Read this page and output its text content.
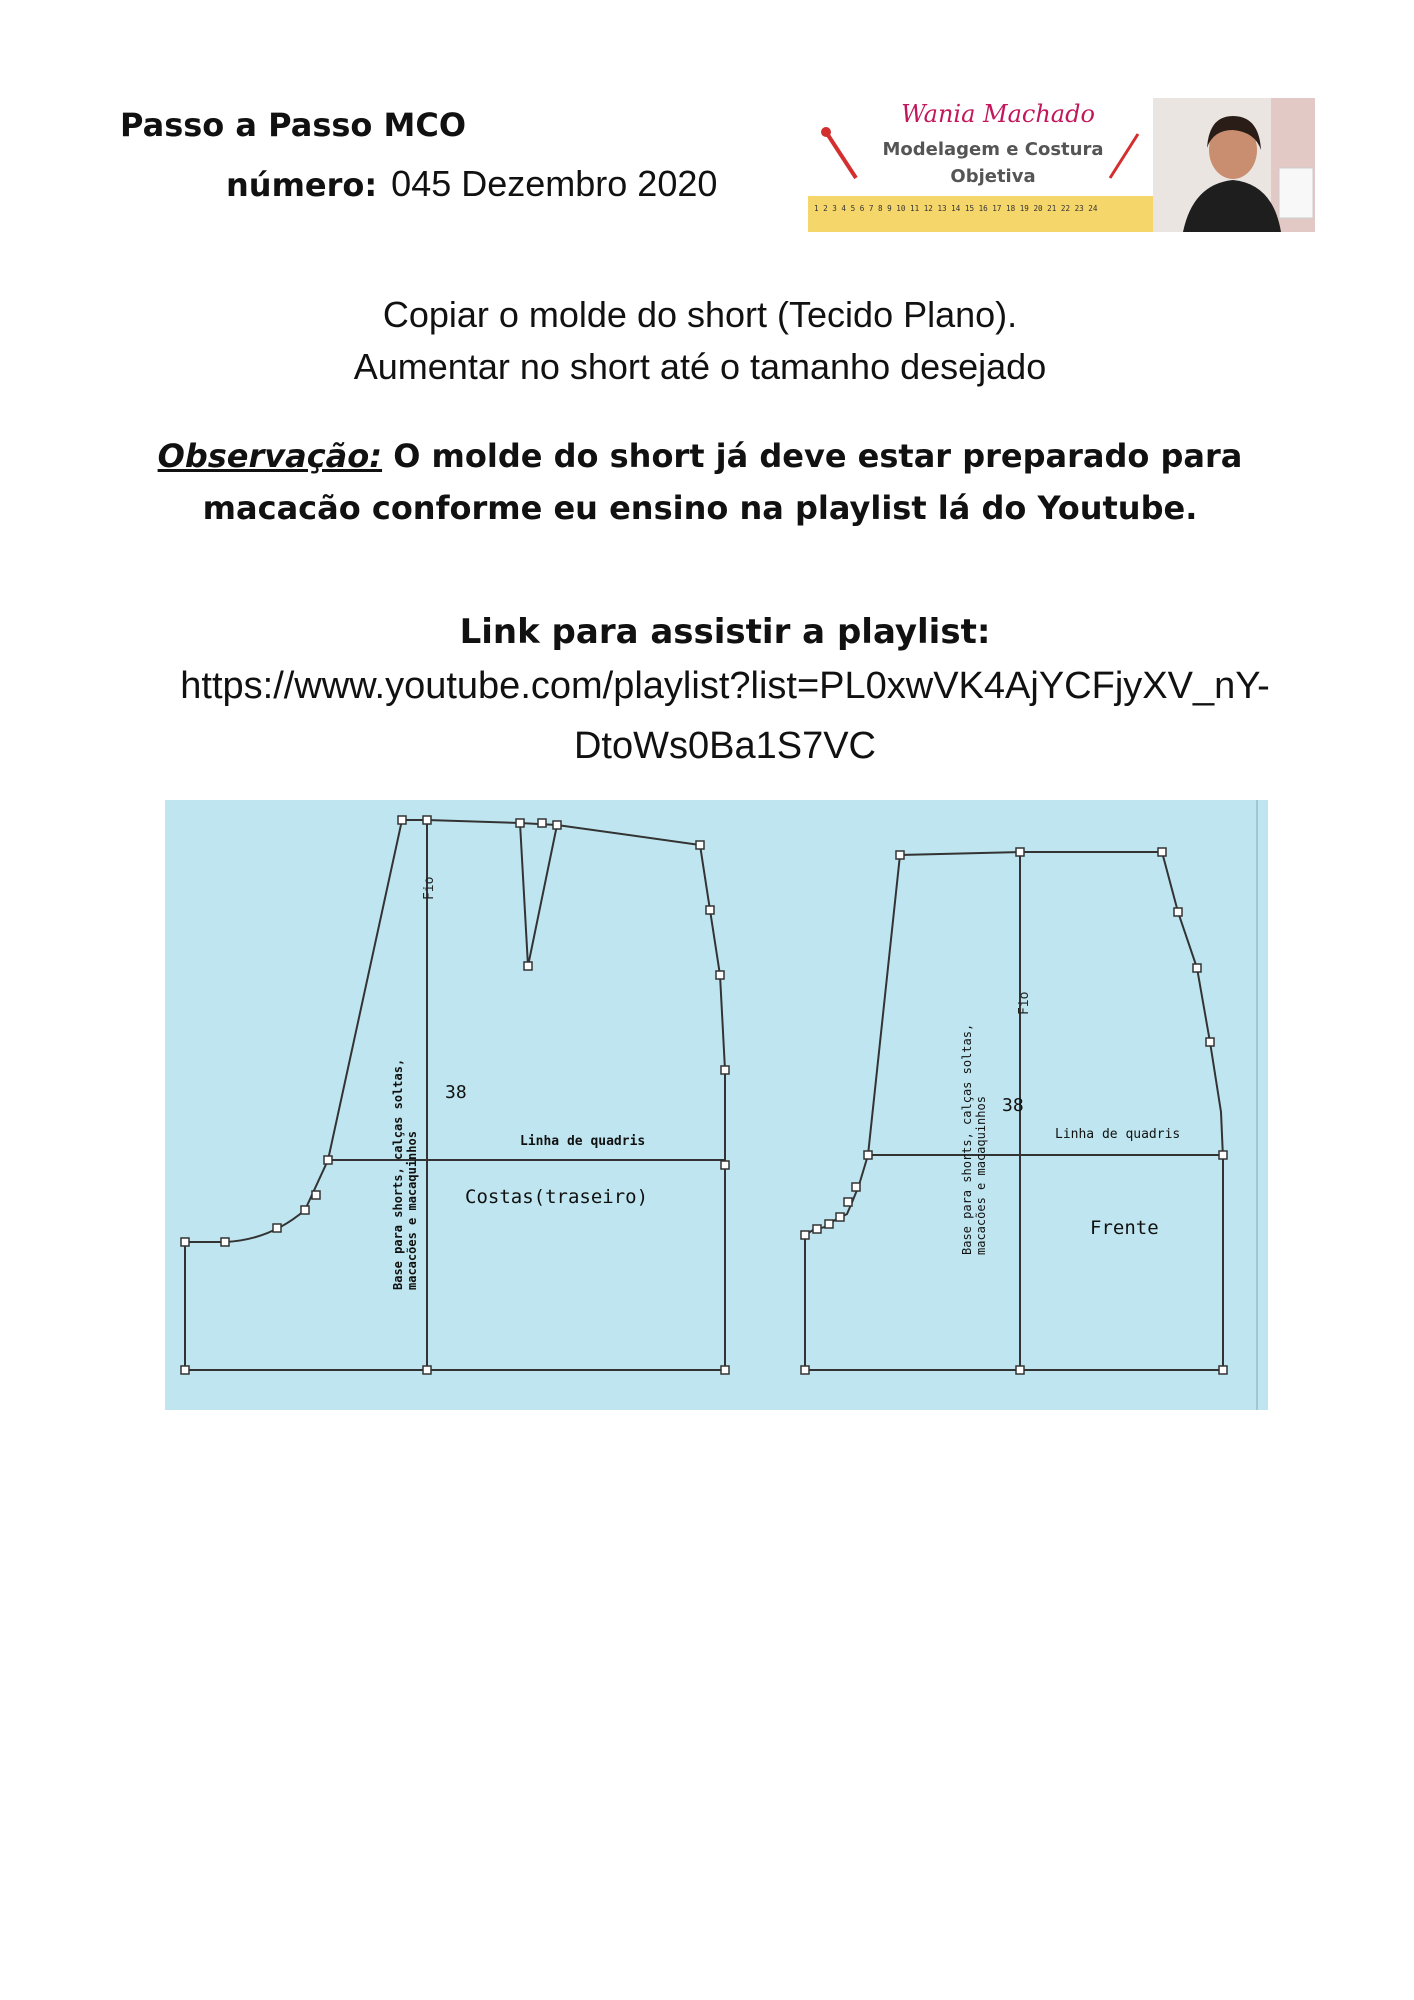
Passo a Passo MCO
número: 045 Dezembro 2020
Wania Machado
Modelagem e Costura
Objetiva
1 2 3 4 5 6 7 8 9 10 11 12 13 14 15 16 17 18 19 20 21 22 23 24
Copiar o molde do short (Tecido Plano).
Aumentar no short até o tamanho desejado
Observação: O molde do short já deve estar preparado para
macacão conforme eu ensino na playlist lá do Youtube.
Link para assistir a playlist:
https://www.youtube.com/playlist?list=PL0xwVK4AjYCFjyXV_nY-
DtoWs0Ba1S7VC
Fio
38
Linha de quadris
Costas(traseiro)
Base para shorts, calças soltas, macacões e macaquinhos
Fio
38
Linha de quadris
Frente
Base para shorts, calças soltas, macacões e macaquinhos
